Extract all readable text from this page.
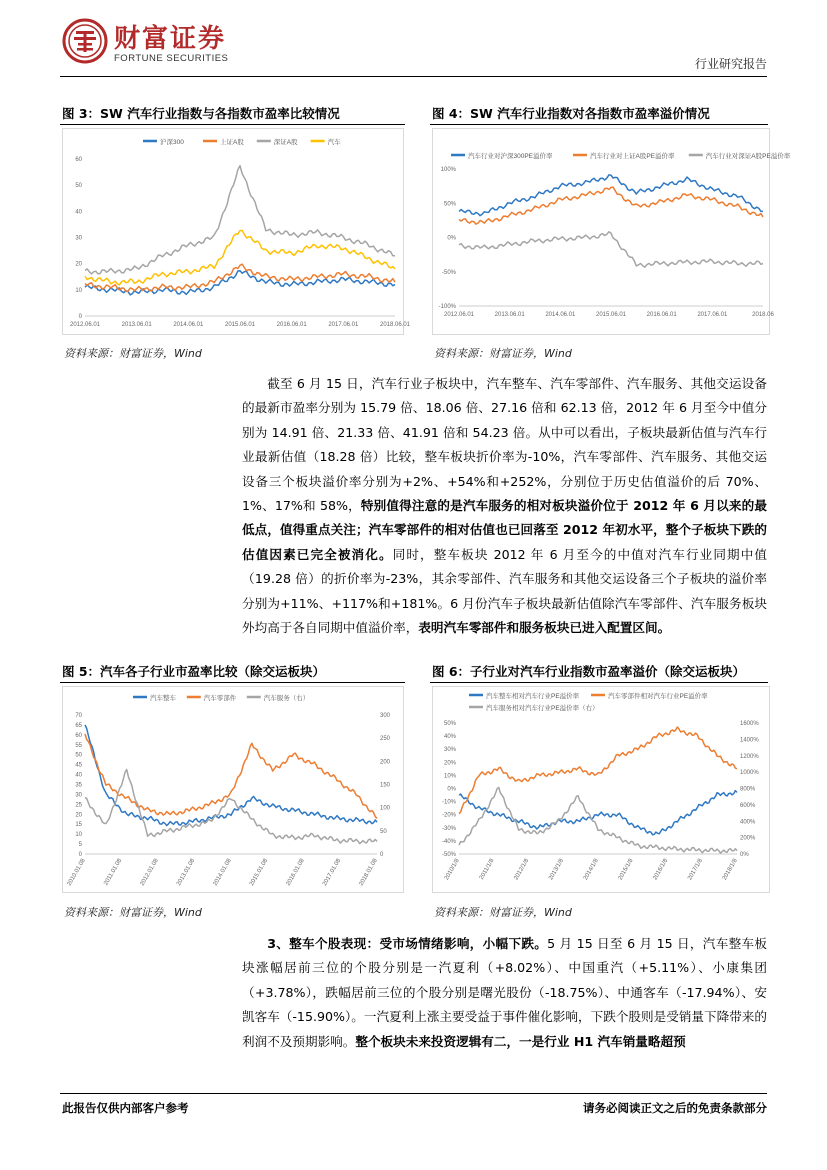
财富证券
FORTUNE SECURITIES	行业研究报告
图 3：SW 汽车行业指数与各指数市盈率比较情况
沪深300	上证A股	深证A股	汽车
0
10
20
30
40
50
60
2012.06.01	2013.06.01	2014.06.01	2015.06.01	2016.06.01	2017.06.01	2018.06.01
资料来源：财富证券，Wind
图 4：SW 汽车行业指数对各指数市盈率溢价情况
汽车行业对沪深300PE溢价率	汽车行业对上证A股PE溢价率	汽车行业对深证A股PE溢价率
-100%
-50%
0%
50%
100%
2012.06.01	2013.06.01	2014.06.01	2015.06.01	2016.06.01	2017.06.01	2018.06
资料来源：财富证券，Wind
截至 6 月 15 日，汽车行业子板块中，汽车整车、汽车零部件、汽车服务、其他交运设备的最新市盈率分别为 15.79 倍、18.06 倍、27.16 倍和 62.13 倍，2012 年 6 月至今中值分别为 14.91 倍、21.33 倍、41.91 倍和 54.23 倍。从中可以看出，子板块最新估值与汽车行业最新估值（18.28 倍）比较，整车板块折价率为-10%，汽车零部件、汽车服务、其他交运设备三个板块溢价率分别为+2%、+54%和+252%，分别位于历史估值溢价的后 70%、1%、17%和 58%，特别值得注意的是汽车服务的相对板块溢价位于 2012 年 6 月以来的最低点，值得重点关注；汽车零部件的相对估值也已回落至 2012 年初水平，整个子板块下跌的估值因素已完全被消化。同时，整车板块 2012 年 6 月至今的中值对汽车行业同期中值（19.28 倍）的折价率为-23%，其余零部件、汽车服务和其他交运设备三个子板块的溢价率分别为+11%、+117%和+181%。6 月份汽车子板块最新估值除汽车零部件、汽车服务板块外均高于各自同期中值溢价率，表明汽车零部件和服务板块已进入配置区间。
图 5：汽车各子行业市盈率比较（除交运板块）
汽车整车	汽车零部件	汽车服务（右）
0
5
10
15
20
25
30
35
40
45
50
55
60
65
70
0
50
100
150
200
250
300
2010.01.08	2011.01.08	2012.01.08	2013.01.08	2014.01.08	2015.01.08	2016.01.08	2017.01.08	2018.01.08
资料来源：财富证券，Wind
图 6：子行业对汽车行业指数市盈率溢价（除交运板块）
汽车整车相对汽车行业PE溢价率	汽车零部件相对汽车行业PE溢价率
汽车服务相对汽车行业PE溢价率（右）
-50%
-40%
-30%
-20%
-10%
0%
10%
20%
30%
40%
50%
0%
200%
400%
600%
800%
1000%
1200%
1400%
1600%
2010/1/8	2011/1/8	2012/1/8	2013/1/8	2014/1/8	2015/1/8	2016/1/8	2017/1/8	2018/1/8
资料来源：财富证券，Wind
3、整车个股表现：受市场情绪影响，小幅下跌。5 月 15 日至 6 月 15 日，汽车整车板块涨幅居前三位的个股分别是一汽夏利（+8.02%）、中国重汽（+5.11%）、小康集团（+3.78%），跌幅居前三位的个股分别是曙光股份（-18.75%）、中通客车（-17.94%）、安凯客车（-15.90%）。一汽夏利上涨主要受益于事件催化影响，下跌个股则是受销量下降带来的利润不及预期影响。整个板块未来投资逻辑有二，一是行业 H1 汽车销量略超预
此报告仅供内部客户参考	请务必阅读正文之后的免责条款部分
